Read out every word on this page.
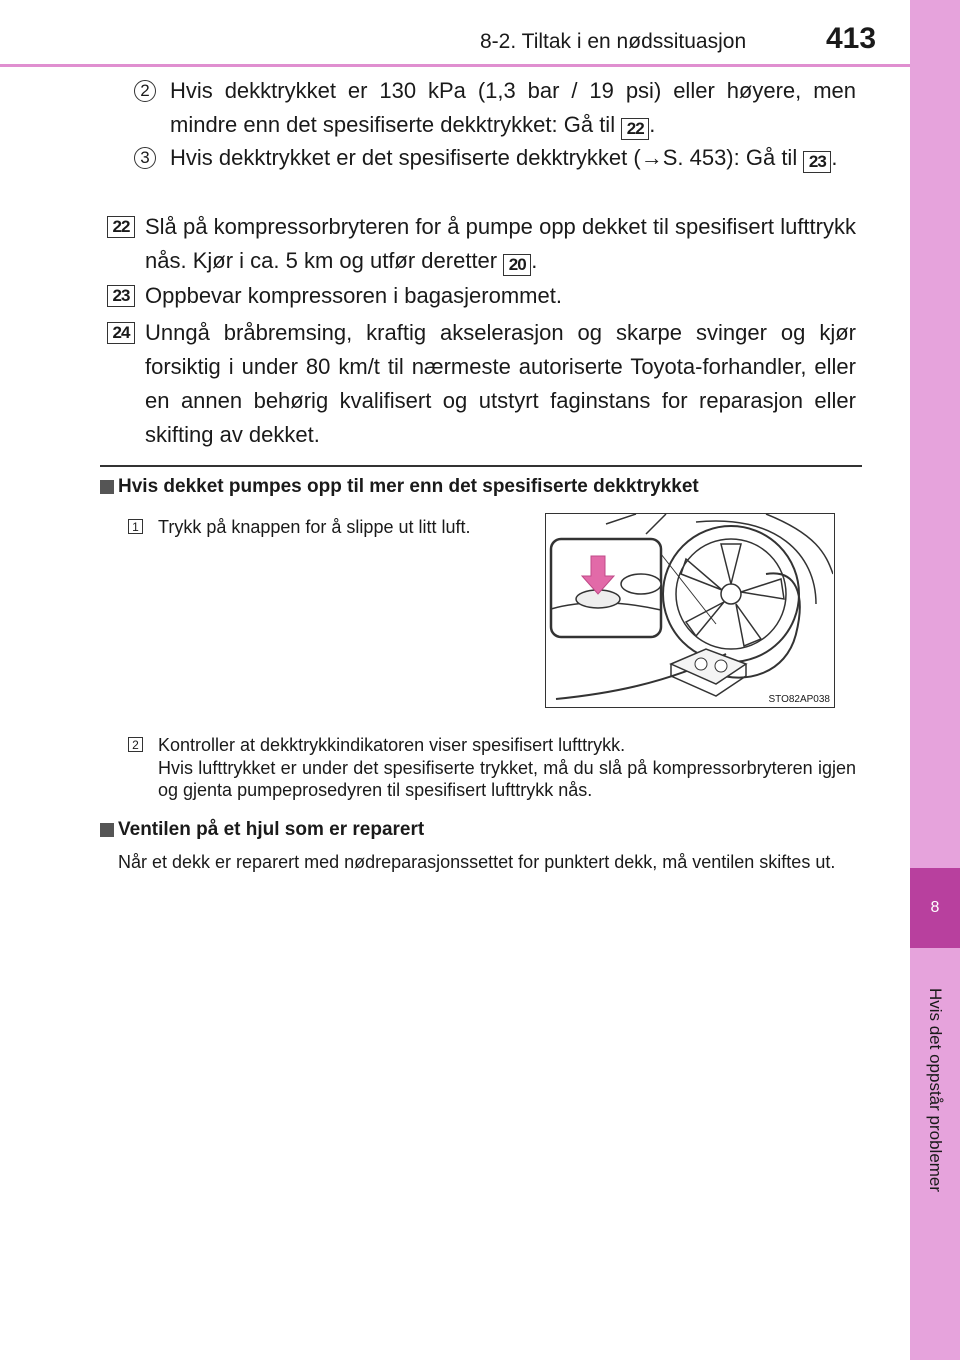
8-2. Tiltak i en nødssituasjon	413
8
Hvis det oppstår problemer
2 Hvis dekktrykket er 130 kPa (1,3 bar / 19 psi) eller høyere, men mindre enn det spesifiserte dekktrykket: Gå til 22 .
3 Hvis dekktrykket er det spesifiserte dekktrykket (→S. 453): Gå til 23 .
22 Slå på kompressorbryteren for å pumpe opp dekket til spesifisert lufttrykk nås. Kjør i ca. 5 km og utfør deretter 20 .
23 Oppbevar kompressoren i bagasjerommet.
24 Unngå bråbremsing, kraftig akselerasjon og skarpe svinger og kjør forsiktig i under 80 km/t til nærmeste autoriserte Toyota-forhandler, eller en annen behørig kvalifisert og utstyrt faginstans for reparasjon eller skifting av dekket.
Hvis dekket pumpes opp til mer enn det spesifiserte dekktrykket
1 Trykk på knappen for å slippe ut litt luft.
STO82AP038
2 Kontroller at dekktrykkindikatoren viser spesifisert lufttrykk.
Hvis lufttrykket er under det spesifiserte trykket, må du slå på kompressorbryteren igjen og gjenta pumpeprosedyren til spesifisert lufttrykk nås.
Ventilen på et hjul som er reparert
Når et dekk er reparert med nødreparasjonssettet for punktert dekk, må ventilen skiftes ut.
